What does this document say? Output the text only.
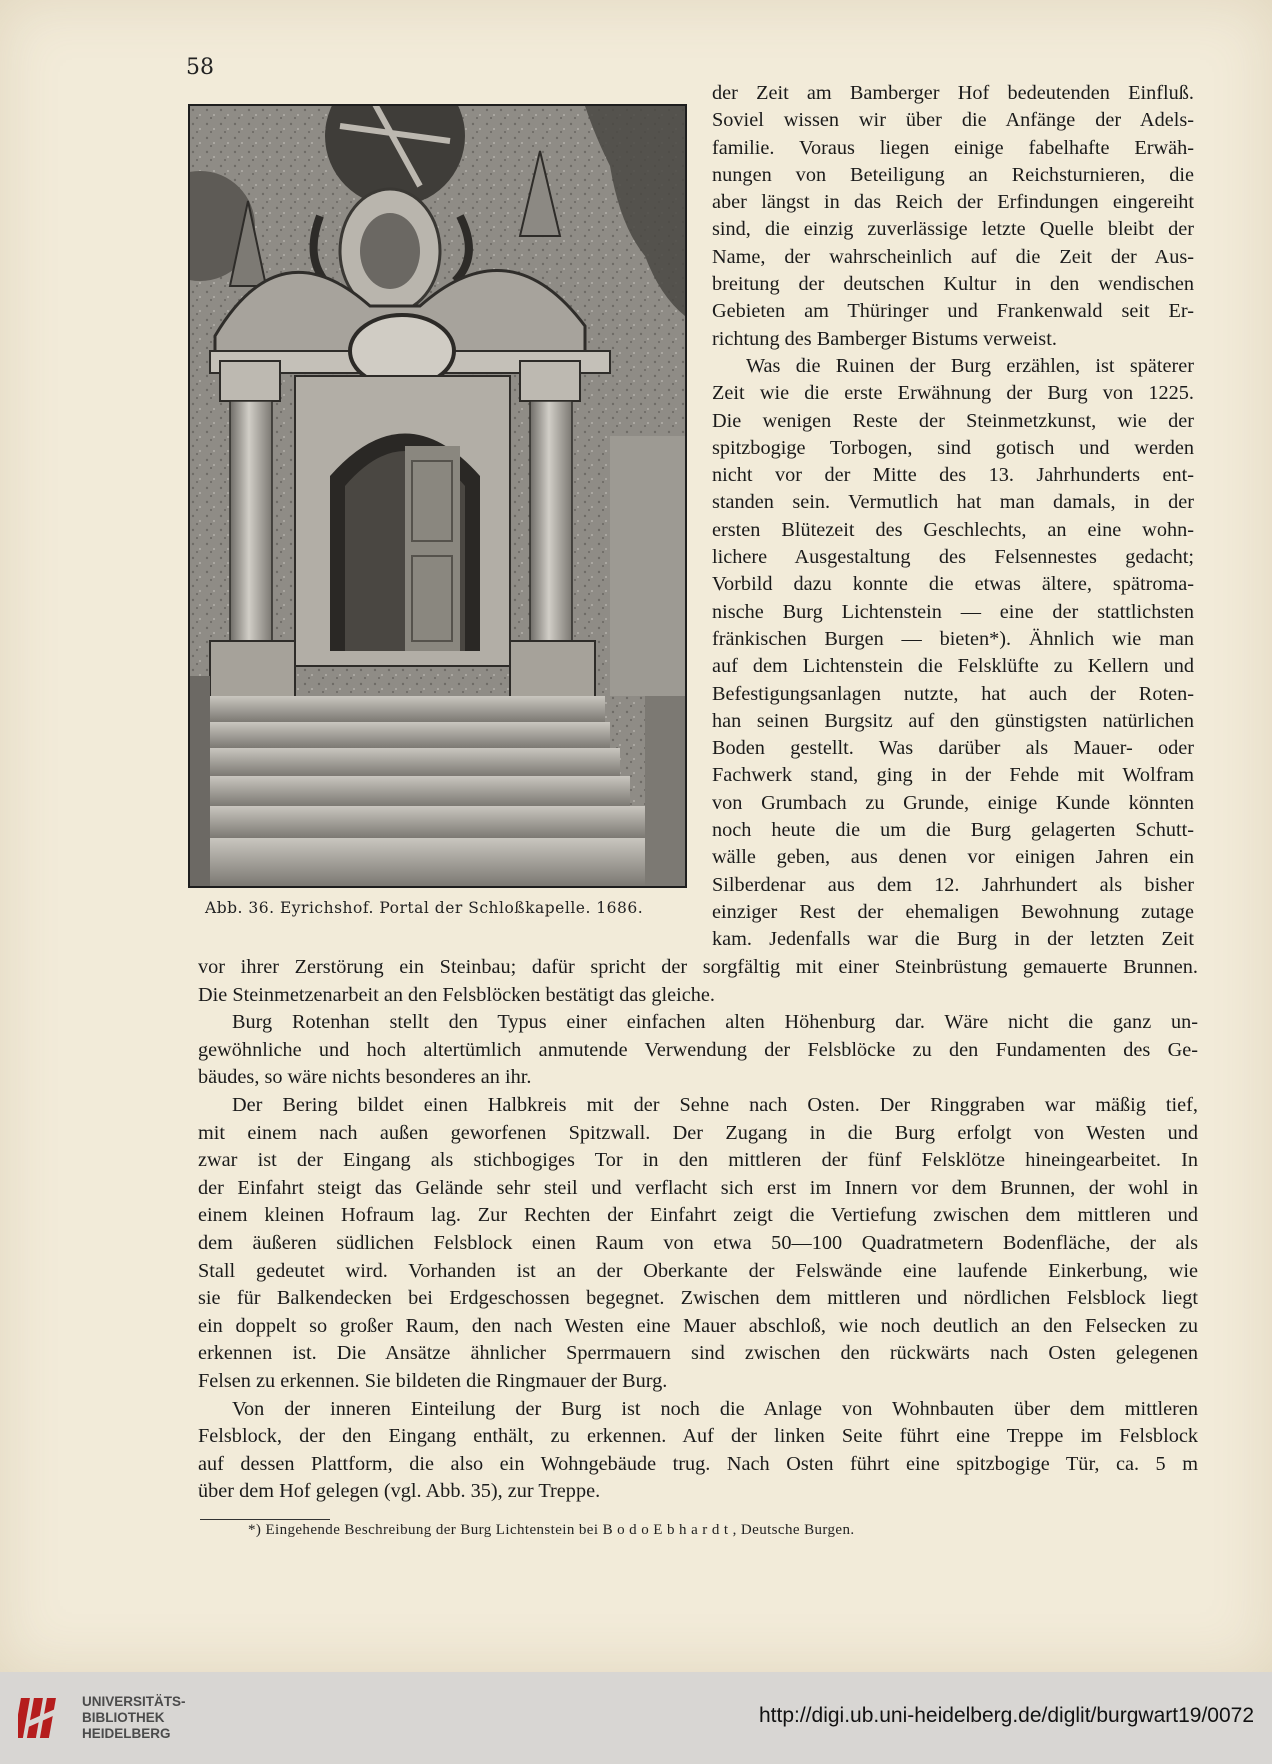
58
Abb. 36. Eyrichshof. Portal der Schloßkapelle. 1686.
der Zeit am Bamberger Hof bedeutenden Einfluß.
Soviel wissen wir über die Anfänge der Adels-
familie. Voraus liegen einige fabelhafte Erwäh-
nungen von Beteiligung an Reichsturnieren, die
aber längst in das Reich der Erfindungen eingereiht
sind, die einzig zuverlässige letzte Quelle bleibt der
Name, der wahrscheinlich auf die Zeit der Aus-
breitung der deutschen Kultur in den wendischen
Gebieten am Thüringer und Frankenwald seit Er-
richtung des Bamberger Bistums verweist.
Was die Ruinen der Burg erzählen, ist späterer
Zeit wie die erste Erwähnung der Burg von 1225.
Die wenigen Reste der Steinmetzkunst, wie der
spitzbogige Torbogen, sind gotisch und werden
nicht vor der Mitte des 13. Jahrhunderts ent-
standen sein. Vermutlich hat man damals, in der
ersten Blütezeit des Geschlechts, an eine wohn-
lichere Ausgestaltung des Felsennestes gedacht;
Vorbild dazu konnte die etwas ältere, spätroma-
nische Burg Lichtenstein — eine der stattlichsten
fränkischen Burgen — bieten*). Ähnlich wie man
auf dem Lichtenstein die Felsklüfte zu Kellern und
Befestigungsanlagen nutzte, hat auch der Roten-
han seinen Burgsitz auf den günstigsten natürlichen
Boden gestellt. Was darüber als Mauer- oder
Fachwerk stand, ging in der Fehde mit Wolfram
von Grumbach zu Grunde, einige Kunde könnten
noch heute die um die Burg gelagerten Schutt-
wälle geben, aus denen vor einigen Jahren ein
Silberdenar aus dem 12. Jahrhundert als bisher
einziger Rest der ehemaligen Bewohnung zutage
kam. Jedenfalls war die Burg in der letzten Zeit
vor ihrer Zerstörung ein Steinbau; dafür spricht der sorgfältig mit einer Steinbrüstung gemauerte Brunnen.
Die Steinmetzenarbeit an den Felsblöcken bestätigt das gleiche.
Burg Rotenhan stellt den Typus einer einfachen alten Höhenburg dar. Wäre nicht die ganz un-
gewöhnliche und hoch altertümlich anmutende Verwendung der Felsblöcke zu den Fundamenten des Ge-
bäudes, so wäre nichts besonderes an ihr.
Der Bering bildet einen Halbkreis mit der Sehne nach Osten. Der Ringgraben war mäßig tief,
mit einem nach außen geworfenen Spitzwall. Der Zugang in die Burg erfolgt von Westen und
zwar ist der Eingang als stichbogiges Tor in den mittleren der fünf Felsklötze hineingearbeitet. In
der Einfahrt steigt das Gelände sehr steil und verflacht sich erst im Innern vor dem Brunnen, der wohl in
einem kleinen Hofraum lag. Zur Rechten der Einfahrt zeigt die Vertiefung zwischen dem mittleren und
dem äußeren südlichen Felsblock einen Raum von etwa 50—100 Quadratmetern Bodenfläche, der als
Stall gedeutet wird. Vorhanden ist an der Oberkante der Felswände eine laufende Einkerbung, wie
sie für Balkendecken bei Erdgeschossen begegnet. Zwischen dem mittleren und nördlichen Felsblock liegt
ein doppelt so großer Raum, den nach Westen eine Mauer abschloß, wie noch deutlich an den Felsecken zu
erkennen ist. Die Ansätze ähnlicher Sperrmauern sind zwischen den rückwärts nach Osten gelegenen
Felsen zu erkennen. Sie bildeten die Ringmauer der Burg.
Von der inneren Einteilung der Burg ist noch die Anlage von Wohnbauten über dem mittleren
Felsblock, der den Eingang enthält, zu erkennen. Auf der linken Seite führt eine Treppe im Felsblock
auf dessen Plattform, die also ein Wohngebäude trug. Nach Osten führt eine spitzbogige Tür, ca. 5 m
über dem Hof gelegen (vgl. Abb. 35), zur Treppe.
*) Eingehende Beschreibung der Burg Lichtenstein bei B o d o E b h a r d t , Deutsche Burgen.
UNIVERSITÄTS-
BIBLIOTHEK
HEIDELBERG
http://digi.ub.uni-heidelberg.de/diglit/burgwart19/0072
